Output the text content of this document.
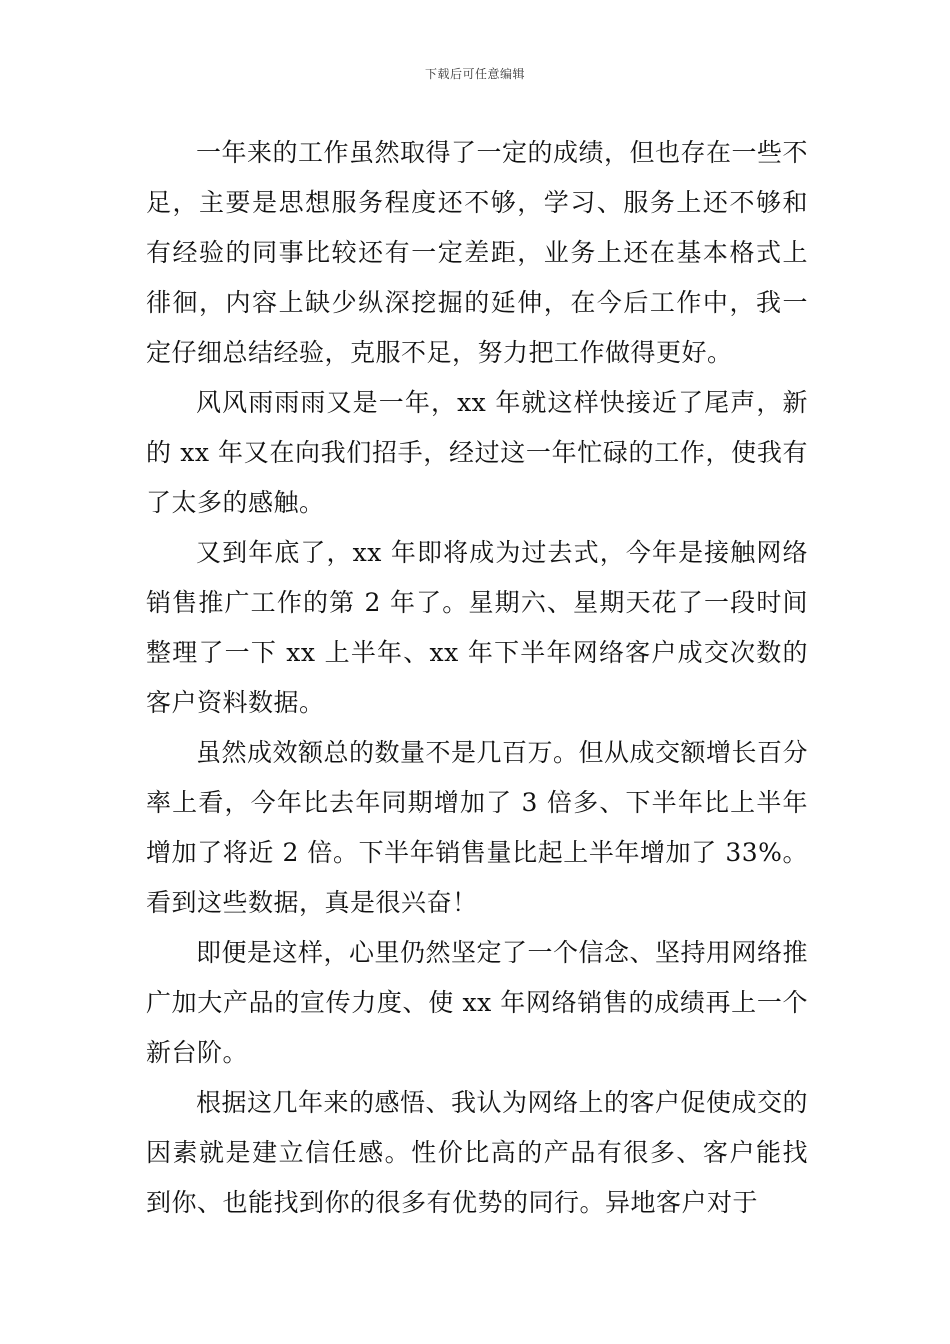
下载后可任意编辑

一年来的工作虽然取得了一定的成绩，但也存在一些不足，主要是思想服务程度还不够，学习、服务上还不够和有经验的同事比较还有一定差距，业务上还在基本格式上徘徊，内容上缺少纵深挖掘的延伸，在今后工作中，我一定仔细总结经验，克服不足，努力把工作做得更好。

风风雨雨雨又是一年，xx 年就这样快接近了尾声，新的 xx 年又在向我们招手，经过这一年忙碌的工作，使我有了太多的感触。

又到年底了，xx 年即将成为过去式，今年是接触网络销售推广工作的第 2 年了。星期六、星期天花了一段时间整理了一下 xx 上半年、xx 年下半年网络客户成交次数的客户资料数据。

虽然成效额总的数量不是几百万。但从成交额增长百分率上看，今年比去年同期增加了 3 倍多、下半年比上半年增加了将近 2 倍。下半年销售量比起上半年增加了 33%。看到这些数据，真是很兴奋！

即便是这样，心里仍然坚定了一个信念、坚持用网络推广加大产品的宣传力度、使 xx 年网络销售的成绩再上一个新台阶。

根据这几年来的感悟、我认为网络上的客户促使成交的因素就是建立信任感。性价比高的产品有很多、客户能找到你、也能找到你的很多有优势的同行。异地客户对于
